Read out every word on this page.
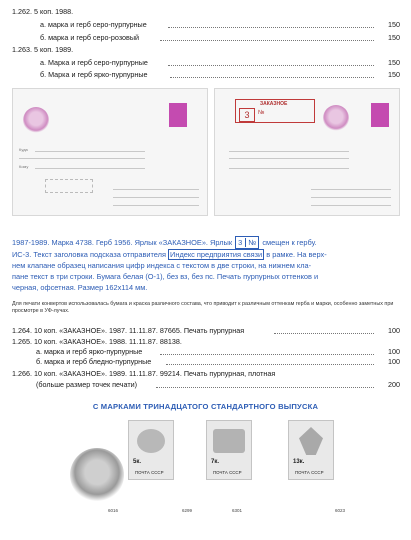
1.262. 5 коп. 1988.
а. марка и герб серо-пурпурные	150
б. марка и герб серо-розовый	150
1.263. 5 коп. 1989.
а. Марка и герб серо-пурпурные	150
б. Марка и герб ярко-пурпурные	150
Куда
Кому
ЗАКАЗНОЕ
3	№
1987-1989. Марка 4738. Герб 1956. Ярлык «ЗАКАЗНОЕ». Ярлык 3 № смещен к гербу.
ИС-3. Текст заголовка подсказа отправителя Индекс предприятия связи в рамке. На верх-
нем клапане образец написания цифр индекса с текстом в две строки, на нижнем кла-
пане текст в три строки. Бумага белая (О-1), без вз, без пс. Печать пурпурных оттенков и
черная, офсетная. Размер 162х114 мм.
Для печати конвертов использовалась бумага и краска различного состава, что приводит к различным оттенкам герба и марки, особенно заметных при просмотре в УФ-лучах.
1.264. 10 коп. «ЗАКАЗНОЕ». 1987. 11.11.87. 87665. Печать пурпурная	100
1.265. 10 коп. «ЗАКАЗНОЕ». 1988. 11.11.87. 88138.
а. марка и герб ярко-пурпурные	100
б. марка и герб бледно-пурпурные	100
1.266. 10 коп. «ЗАКАЗНОЕ». 1989. 11.11.87. 99214. Печать пурпурная, плотная
(больше размер точек печати)	200
С МАРКАМИ ТРИНАДЦАТОГО СТАНДАРТНОГО ВЫПУСКА
6016
5к.
ПОЧТА СССР
6299
7к.
ПОЧТА СССР
6301
13к.
ПОЧТА СССР
6023
